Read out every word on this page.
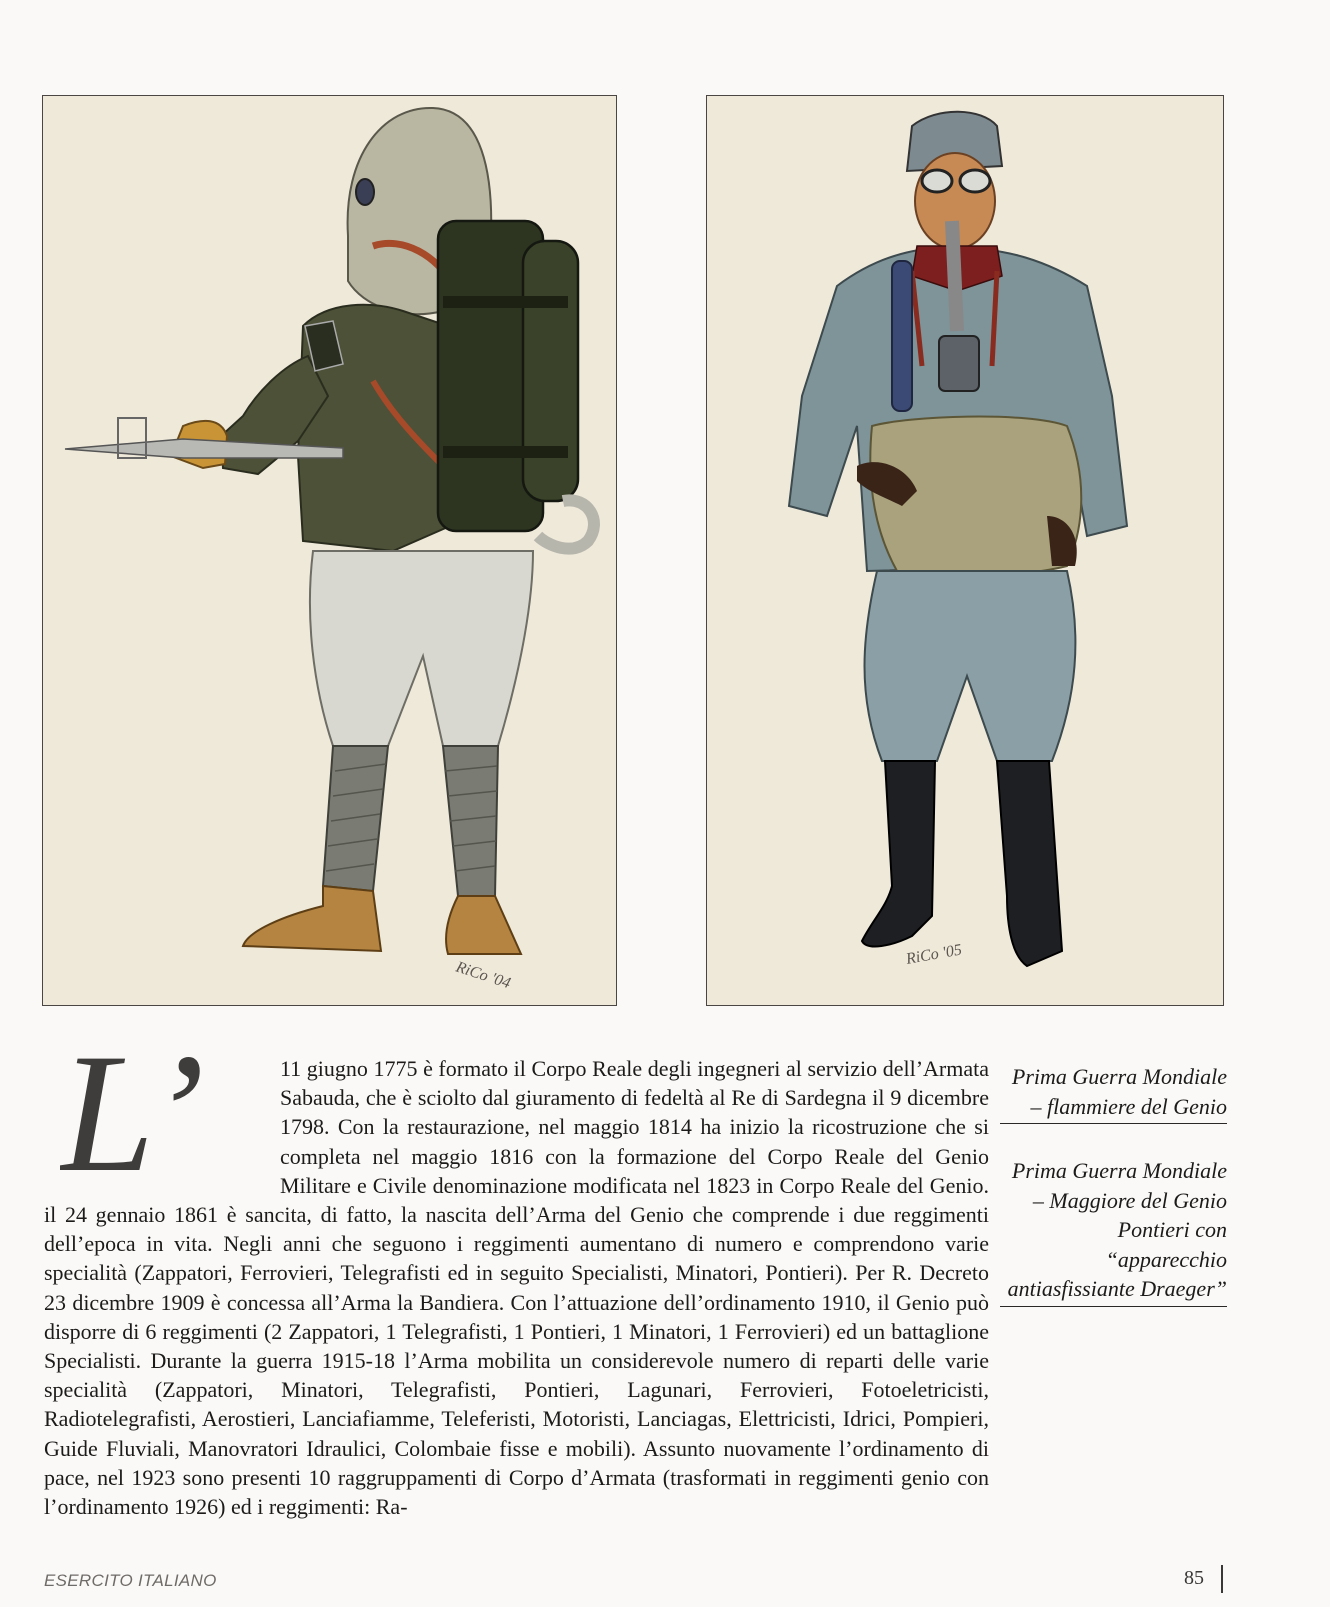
RiCo '04
RiCo '05
L’	11 giugno 1775 è formato il Corpo Reale degli ingegneri al servizio dell’Armata Sabauda, che è sciolto dal giuramento di fedeltà al Re di Sardegna il 9 dicembre 1798. Con la restaurazione, nel maggio 1814 ha inizio la ricostruzione che si completa nel maggio 1816 con la formazione del Corpo Reale del Genio Militare e Civile denominazione modificata nel 1823 in Corpo Reale del Genio. il 24 gennaio 1861 è sancita, di fatto, la nascita dell’Arma del Genio che comprende i due reggimenti dell’epoca in vita. Negli anni che seguono i reggimenti aumentano di numero e comprendono varie specialità (Zappatori, Ferrovieri, Telegrafisti ed in seguito Specialisti, Minatori, Pontieri). Per R. Decreto 23 dicembre 1909 è concessa all’Arma la Bandiera. Con l’attuazione dell’ordinamento 1910, il Genio può disporre di 6 reggimenti (2 Zappatori, 1 Telegrafisti, 1 Pontieri, 1 Minatori, 1 Ferrovieri) ed un battaglione Specialisti. Durante la guerra 1915-18 l’Arma mobilita un considerevole numero di reparti delle varie specialità (Zappatori, Minatori, Telegrafisti, Pontieri, Lagunari, Ferrovieri, Fotoeletricisti, Radiotelegrafisti, Aerostieri, Lanciafiamme, Teleferisti, Motoristi, Lanciagas, Elettricisti, Idrici, Pompieri, Guide Fluviali, Manovratori Idraulici, Colombaie fisse e mobili). Assunto nuovamente l’ordinamento di pace, nel 1923 sono presenti 10 raggruppamenti di Corpo d’Armata (trasformati in reggimenti genio con l’ordinamento 1926) ed i reggimenti: Ra-
Prima Guerra Mondiale – flammiere del Genio
Prima Guerra Mondiale – Maggiore del Genio Pontieri con “apparecchio antiasfissiante Draeger”
ESERCITO ITALIANO	85
